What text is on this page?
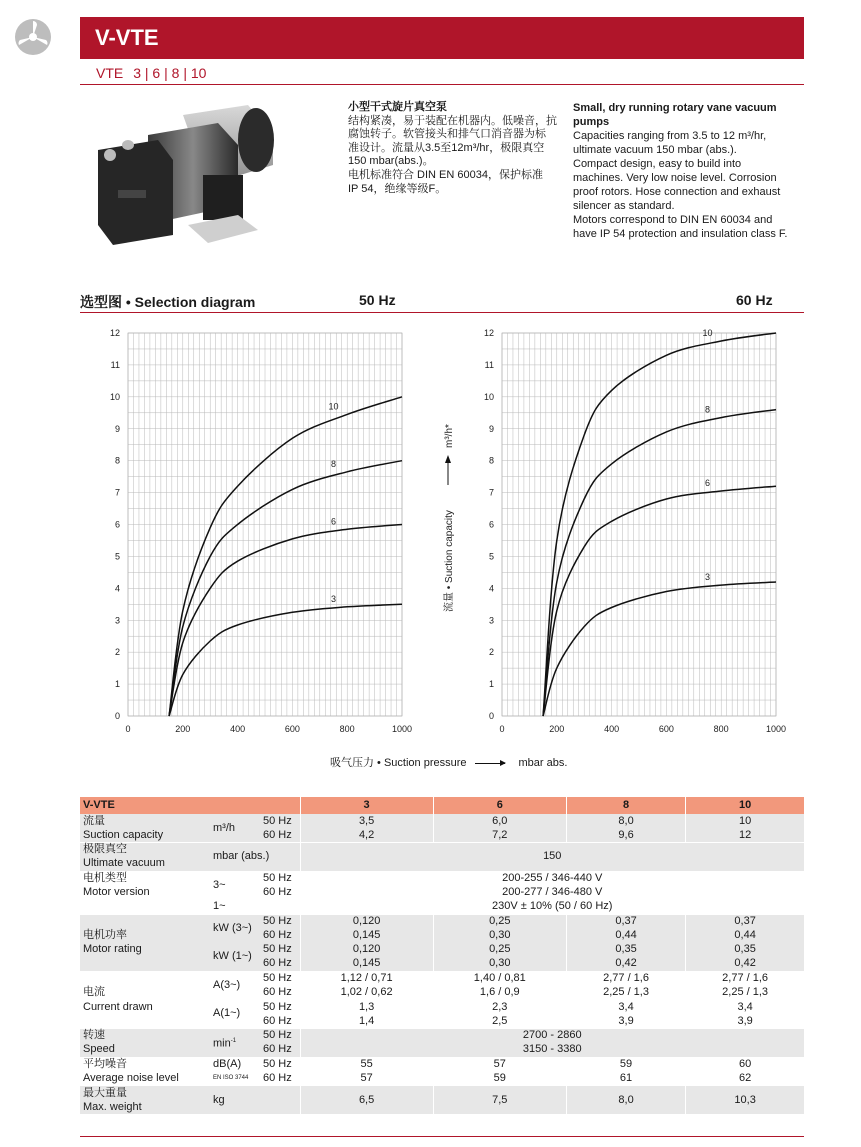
V-VTE
VTE 3 | 6 | 8 | 10
小型干式旋片真空泵
结构紧凑，易于装配在机器内。低噪音，抗
腐蚀转子。软管接头和排气口消音器为标
准设计。流量从3.5至12m³/hr，极限真空
150 mbar(abs.)。
电机标准符合 DIN EN 60034，保护标准
IP 54，绝缘等级F。
Small, dry running rotary vane vacuum
pumps
Capacities ranging from 3.5 to 12 m³/hr,
ultimate vacuum 150 mbar (abs.).
Compact design, easy to build into
machines. Very low noise level. Corrosion
proof rotors. Hose connection and exhaust
silencer as standard.
Motors correspond to DIN EN 60034 and
have IP 54 protection and insulation class F.
选型图 • Selection diagram	50 Hz	60 Hz
0	200	400	600	800	1000
0
1
2
3
4
5
6
7
8
9
10
11
12
3
6
8
10
0	200	400	600	800	1000
0
1
2
3
4
5
6
7
8
9
10
11
12
3
6
8
10
流量 • Suction capacity
m³/h*
吸气压力 • Suction pressure	mbar abs.
V-VTE			3	6	8	10
流量	m³/h	50 Hz	3,5	6,0	8,0	10
Suction capacity		60 Hz	4,2	7,2	9,6	12
极限真空	mbar (abs.)		150			
Ultimate vacuum						
电机类型	3~	50 Hz	200-255 / 346-440 V			
Motor version		60 Hz	200-277 / 346-480 V			
	1~		230V ± 10% (50 / 60 Hz)			
	kW (3~)	50 Hz	0,120	0,25	0,37	0,37
电机功率		60 Hz	0,145	0,30	0,44	0,44
Motor rating	kW (1~)	50 Hz	0,120	0,25	0,35	0,35
		60 Hz	0,145	0,30	0,42	0,42
	A(3~)	50 Hz	1,12 / 0,71	1,40 / 0,81	2,77 / 1,6	2,77 / 1,6
电流		60 Hz	1,02 / 0,62	1,6 / 0,9	2,25 / 1,3	2,25 / 1,3
Current drawn	A(1~)	50 Hz	1,3	2,3	3,4	3,4
		60 Hz	1,4	2,5	3,9	3,9
转速	$\min^{-1}$	50 Hz	2700 - 2860			
Speed		60 Hz	3150 - 3380			
平均噪音	dB(A)	50 Hz	55	57	59	60
Average noise level	EN ISO 3744	60 Hz	57	59	61	62
最大重量	kg		6,5	7,5	8,0	10,3
Max. weight						
